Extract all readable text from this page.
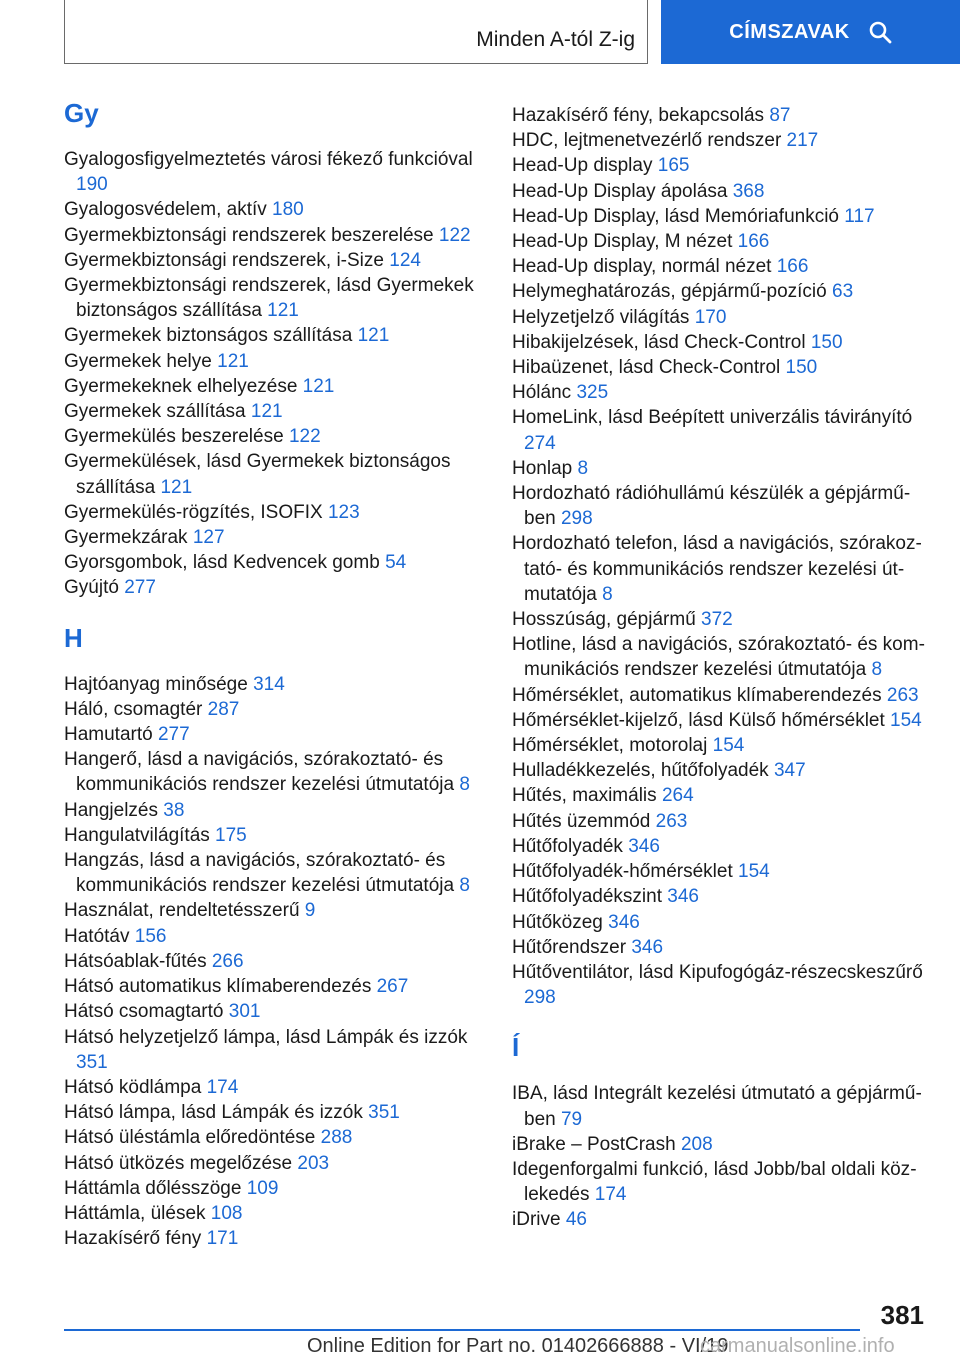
Minden A-tól Z-ig	CÍMSZAVAK
Gy
Gyalogosfigyelmeztetés városi fékező funkcióval 190
Gyalogosvédelem, aktív 180
Gyermekbiztonsági rendszerek beszerelése 122
Gyermekbiztonsági rendszerek, i-Size 124
Gyermekbiztonsági rendszerek, lásd Gyermekek biztonságos szállítása 121
Gyermekek biztonságos szállítása 121
Gyermekek helye 121
Gyermekeknek elhelyezése 121
Gyermekek szállítása 121
Gyermekülés beszerelése 122
Gyermekülések, lásd Gyermekek biztonságos szállítása 121
Gyermekülés-rögzítés, ISOFIX 123
Gyermekzárak 127
Gyorsgombok, lásd Kedvencek gomb 54
Gyújtó 277
H
Hajtóanyag minősége 314
Háló, csomagtér 287
Hamutartó 277
Hangerő, lásd a navigációs, szórakoztató- és kommunikációs rendszer kezelési útmutatója 8
Hangjelzés 38
Hangulatvilágítás 175
Hangzás, lásd a navigációs, szórakoztató- és kommunikációs rendszer kezelési útmutatója 8
Használat, rendeltetésszerű 9
Hatótáv 156
Hátsóablak-fűtés 266
Hátsó automatikus klímaberendezés 267
Hátsó csomagtartó 301
Hátsó helyzetjelző lámpa, lásd Lámpák és izzók 351
Hátsó ködlámpa 174
Hátsó lámpa, lásd Lámpák és izzók 351
Hátsó üléstámla előredöntése 288
Hátsó ütközés megelőzése 203
Háttámla dőlésszöge 109
Háttámla, ülések 108
Hazakísérő fény 171
Hazakísérő fény, bekapcsolás 87
HDC, lejtmenetvezérlő rendszer 217
Head-Up display 165
Head-Up Display ápolása 368
Head-Up Display, lásd Memóriafunkció 117
Head-Up Display, M nézet 166
Head-Up display, normál nézet 166
Helymeghatározás, gépjármű-pozíció 63
Helyzetjelző világítás 170
Hibakijelzések, lásd Check-Control 150
Hibaüzenet, lásd Check-Control 150
Hólánc 325
HomeLink, lásd Beépített univerzális távirányító 274
Honlap 8
Hordozható rádióhullámú készülék a gépjárműben 298
Hordozható telefon, lásd a navigációs, szórakoztató- és kommunikációs rendszer kezelési útmutatója 8
Hosszúság, gépjármű 372
Hotline, lásd a navigációs, szórakoztató- és kommunikációs rendszer kezelési útmutatója 8
Hőmérséklet, automatikus klímaberendezés 263
Hőmérséklet-kijelző, lásd Külső hőmérséklet 154
Hőmérséklet, motorolaj 154
Hulladékkezelés, hűtőfolyadék 347
Hűtés, maximális 264
Hűtés üzemmód 263
Hűtőfolyadék 346
Hűtőfolyadék-hőmérséklet 154
Hűtőfolyadékszint 346
Hűtőközeg 346
Hűtőrendszer 346
Hűtőventilátor, lásd Kipufogógáz-részecskeszűrő 298
Í
IBA, lásd Integrált kezelési útmutató a gépjárműben 79
iBrake – PostCrash 208
Idegenforgalmi funkció, lásd Jobb/bal oldali közlekedés 174
iDrive 46
381
Online Edition for Part no. 01402666888 - VI/19
carmanualsonline.info
